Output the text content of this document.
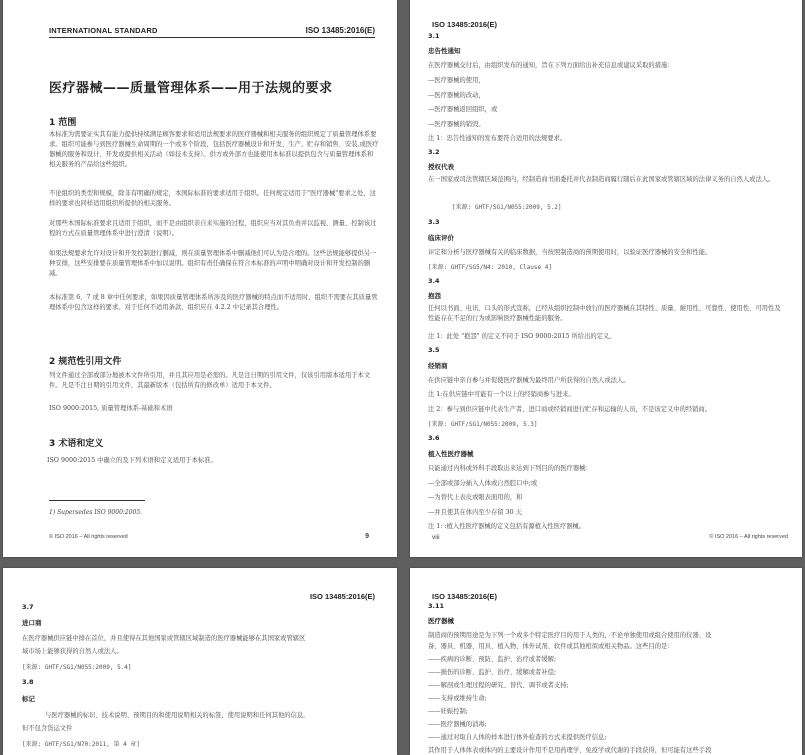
INTERNATIONAL STANDARD	ISO 13485:2016(E)
医疗器械——质量管理体系——用于法规的要求
1 范围
本标准为需要证实其有能力提供持续满足顾客要求和适用法规要求的医疗器械和相关服务的组织规定了质量管理体系要求。组织可能参与到医疗器械生命周期的一个或多个阶段，包括医疗器械设计和开发、生产、贮存和销售、安装,或医疗器械的服务和设计、开发或提供相关活动（如技术支持）。供方或外部方也能使用本标准以提供包含与质量管理体系和相关服务的产品给这些组织。
不论组织的类型和规模，除非有明确的规定，本国际标准的要求适用于组织。任何规定适用于"医疗器械"要求之处，这样的要求也同样适用组织所提供的相关服务。
对那些本国际标准要求且适用于组织，而不是由组织亲自来实施的过程，组织应当对其负责并以监视、测量、控制该过程的方式在质量管理体系中进行澄清（说明）。
如果法规要求允许对设计和开发控制进行删减，则在质量管理体系中删减他们可认为是合理的。这些法规能够提供另一种安排，这些安排要在质量管理体系中加以说明。组织有责任确保在符合本标准的声明中明确对设计和开发控制的删减。
本标准第 6、7 或 8 章中任何要求，如果因质量管理体系所涉及的医疗器械的特点而不适用时，组织不需要在其质量管理体系中包含这样的要求。对于任何不适用条款，组织应在 4.2.2 中记录其合理性。
2 规范性引用文件
列文件通过全部或部分地被本文件所引用，并且其应用是必需的。凡是注日期的引用文件，仅该引用版本适用于本文件。凡是不注日期的引用文件，其最新版本（包括所有的修改单）适用于本文件。
ISO 9000:2015, 质量管理体系-基础和术语
3 术语和定义
ISO 9000:2015 中确立的及下列术语和定义适用于本标准。
1) Supersedes ISO 9000:2005.
© ISO 2016 – All rights reserved	9
ISO 13485:2016(E)
3.1
忠告性通知
在医疗器械交付后，由组织发布的通知，旨在下列方面给出补充信息或建议采取的措施：
—医疗器械的使用，
—医疗器械的改动，
—医疗器械返回组织，或
—医疗器械的销毁。
注 1：忠告性通知的发布要符合适用的法规要求。
3.2
授权代表
在一国家或司法管辖区域范围内，经制造商书面委托并代表制造商履行随后在此国家或管辖区域的法律义务的自然人或法人。
[来源: GHTF/SG1/N055:2009, 5.2]
3.3
临床评价
评定和分析与医疗器械有关的临床数据，当按照制造商的预期使用时，以验证医疗器械的安全和性能。
[来源: GHTF/SG5/N4: 2010, Clause 4]
3.4
抱怨
任何以书面、电讯、口头的形式宣称，已经从组织控制中放行的医疗器械在其特性、质量、耐用性、可靠性、使用性、可用性及性能存在不足的行为或影响医疗器械性能的服务。
注 1：此处 "抱怨" 的定义不同于 ISO 9000:2015 所给出的定义。
3.5
经销商
在供应链中亲自参与并促使医疗器械为最终用户所获得的自然人或法人。
注 1:在供应链中可能有一个以上的经销商参与进来。
注 2：参与到供应链中代表生产者、进口商或经销商进行贮存和运输的人员，不是该定义中的经销商。
[来源: GHTF/SG1/N055:2009, 5.3]
3.6
植入性医疗器械
只能通过内科或外科手段取出来达到下列目的的医疗器械：
—全部或部分插入人体或自然腔口中;或
—为替代上表皮或眼表面用的，和
—并且使其在体内至少存留 30 天
注 1: :植入性医疗器械的定义包括有源植入性医疗器械。
viii	© ISO 2016 – All rights reserved
ISO 13485:2016(E)
3.7
进口商
在医疗器械供应链中排在首位，并且使得在其他国家或管辖区域制造的医疗器械能够在其国家或管辖区
域市场上能够获得的自然人或法人。
[来源: GHTF/SG1/N055:2009, 5.4]
3.8
标记
与医疗器械的标识、技术说明、预期目的和使用说明相关的标签，使用说明和任何其他的信息,
但不包含货运文件
[来源: GHTF/SG1/N70:2011, 第 4 章]
ISO 13485:2016(E)
3.11
医疗器械
制造商的预期用途是为下列一个或多个特定医疗目的用于人类的，不论单独使用或组合使用的仪器、设
备、器具、机器、用具、植入物、体外试剂、软件或其他相似或相关物品。这些目的是：
——疾病的诊断、预防、监护、治疗或者缓解;
——损伤的诊断、监护、治疗、缓解或者补偿;
——解剖或生理过程的研究、替代、调节或者支持;
——支持或维持生命;
——妊娠控制;
——医疗器械的消毒;
——通过对取自人体的样本进行体外检查的方式来提供医疗信息;
其作用于人体体表或体内的主要设计作用不是用药理学、免疫学或代谢的手段获得，但可能有这些手段
